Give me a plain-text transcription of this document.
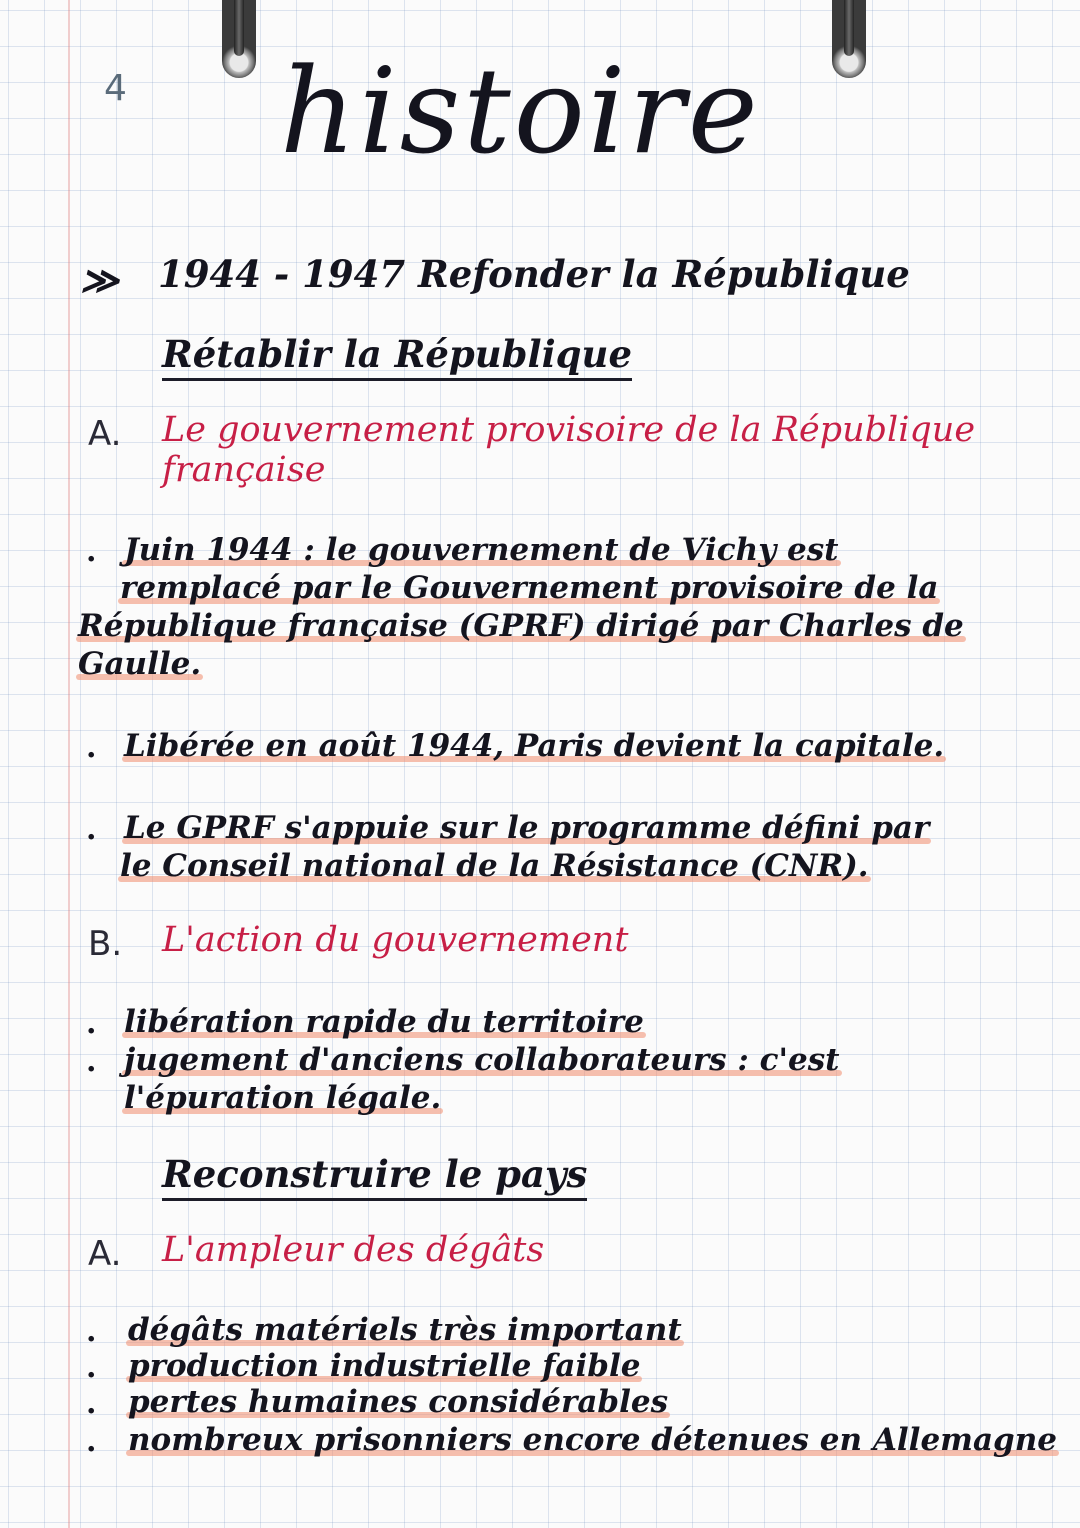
4 histoire
≫ 1944 - 1947 Refonder la République
Rétablir la République
A. Le gouvernement provisoire de la République
française
. Juin 1944 : le gouvernement de Vichy est
remplacé par le Gouvernement provisoire de la
République française (GPRF) dirigé par Charles de
Gaulle.
. Libérée en août 1944, Paris devient la capitale.
. Le GPRF s'appuie sur le programme défini par
le Conseil national de la Résistance (CNR).
B. L'action du gouvernement
. libération rapide du territoire
. jugement d'anciens collaborateurs : c'est
l'épuration légale.
Reconstruire le pays
A. L'ampleur des dégâts
. dégâts matériels très important
. production industrielle faible
. pertes humaines considérables
. nombreux prisonniers encore détenues en Allemagne
